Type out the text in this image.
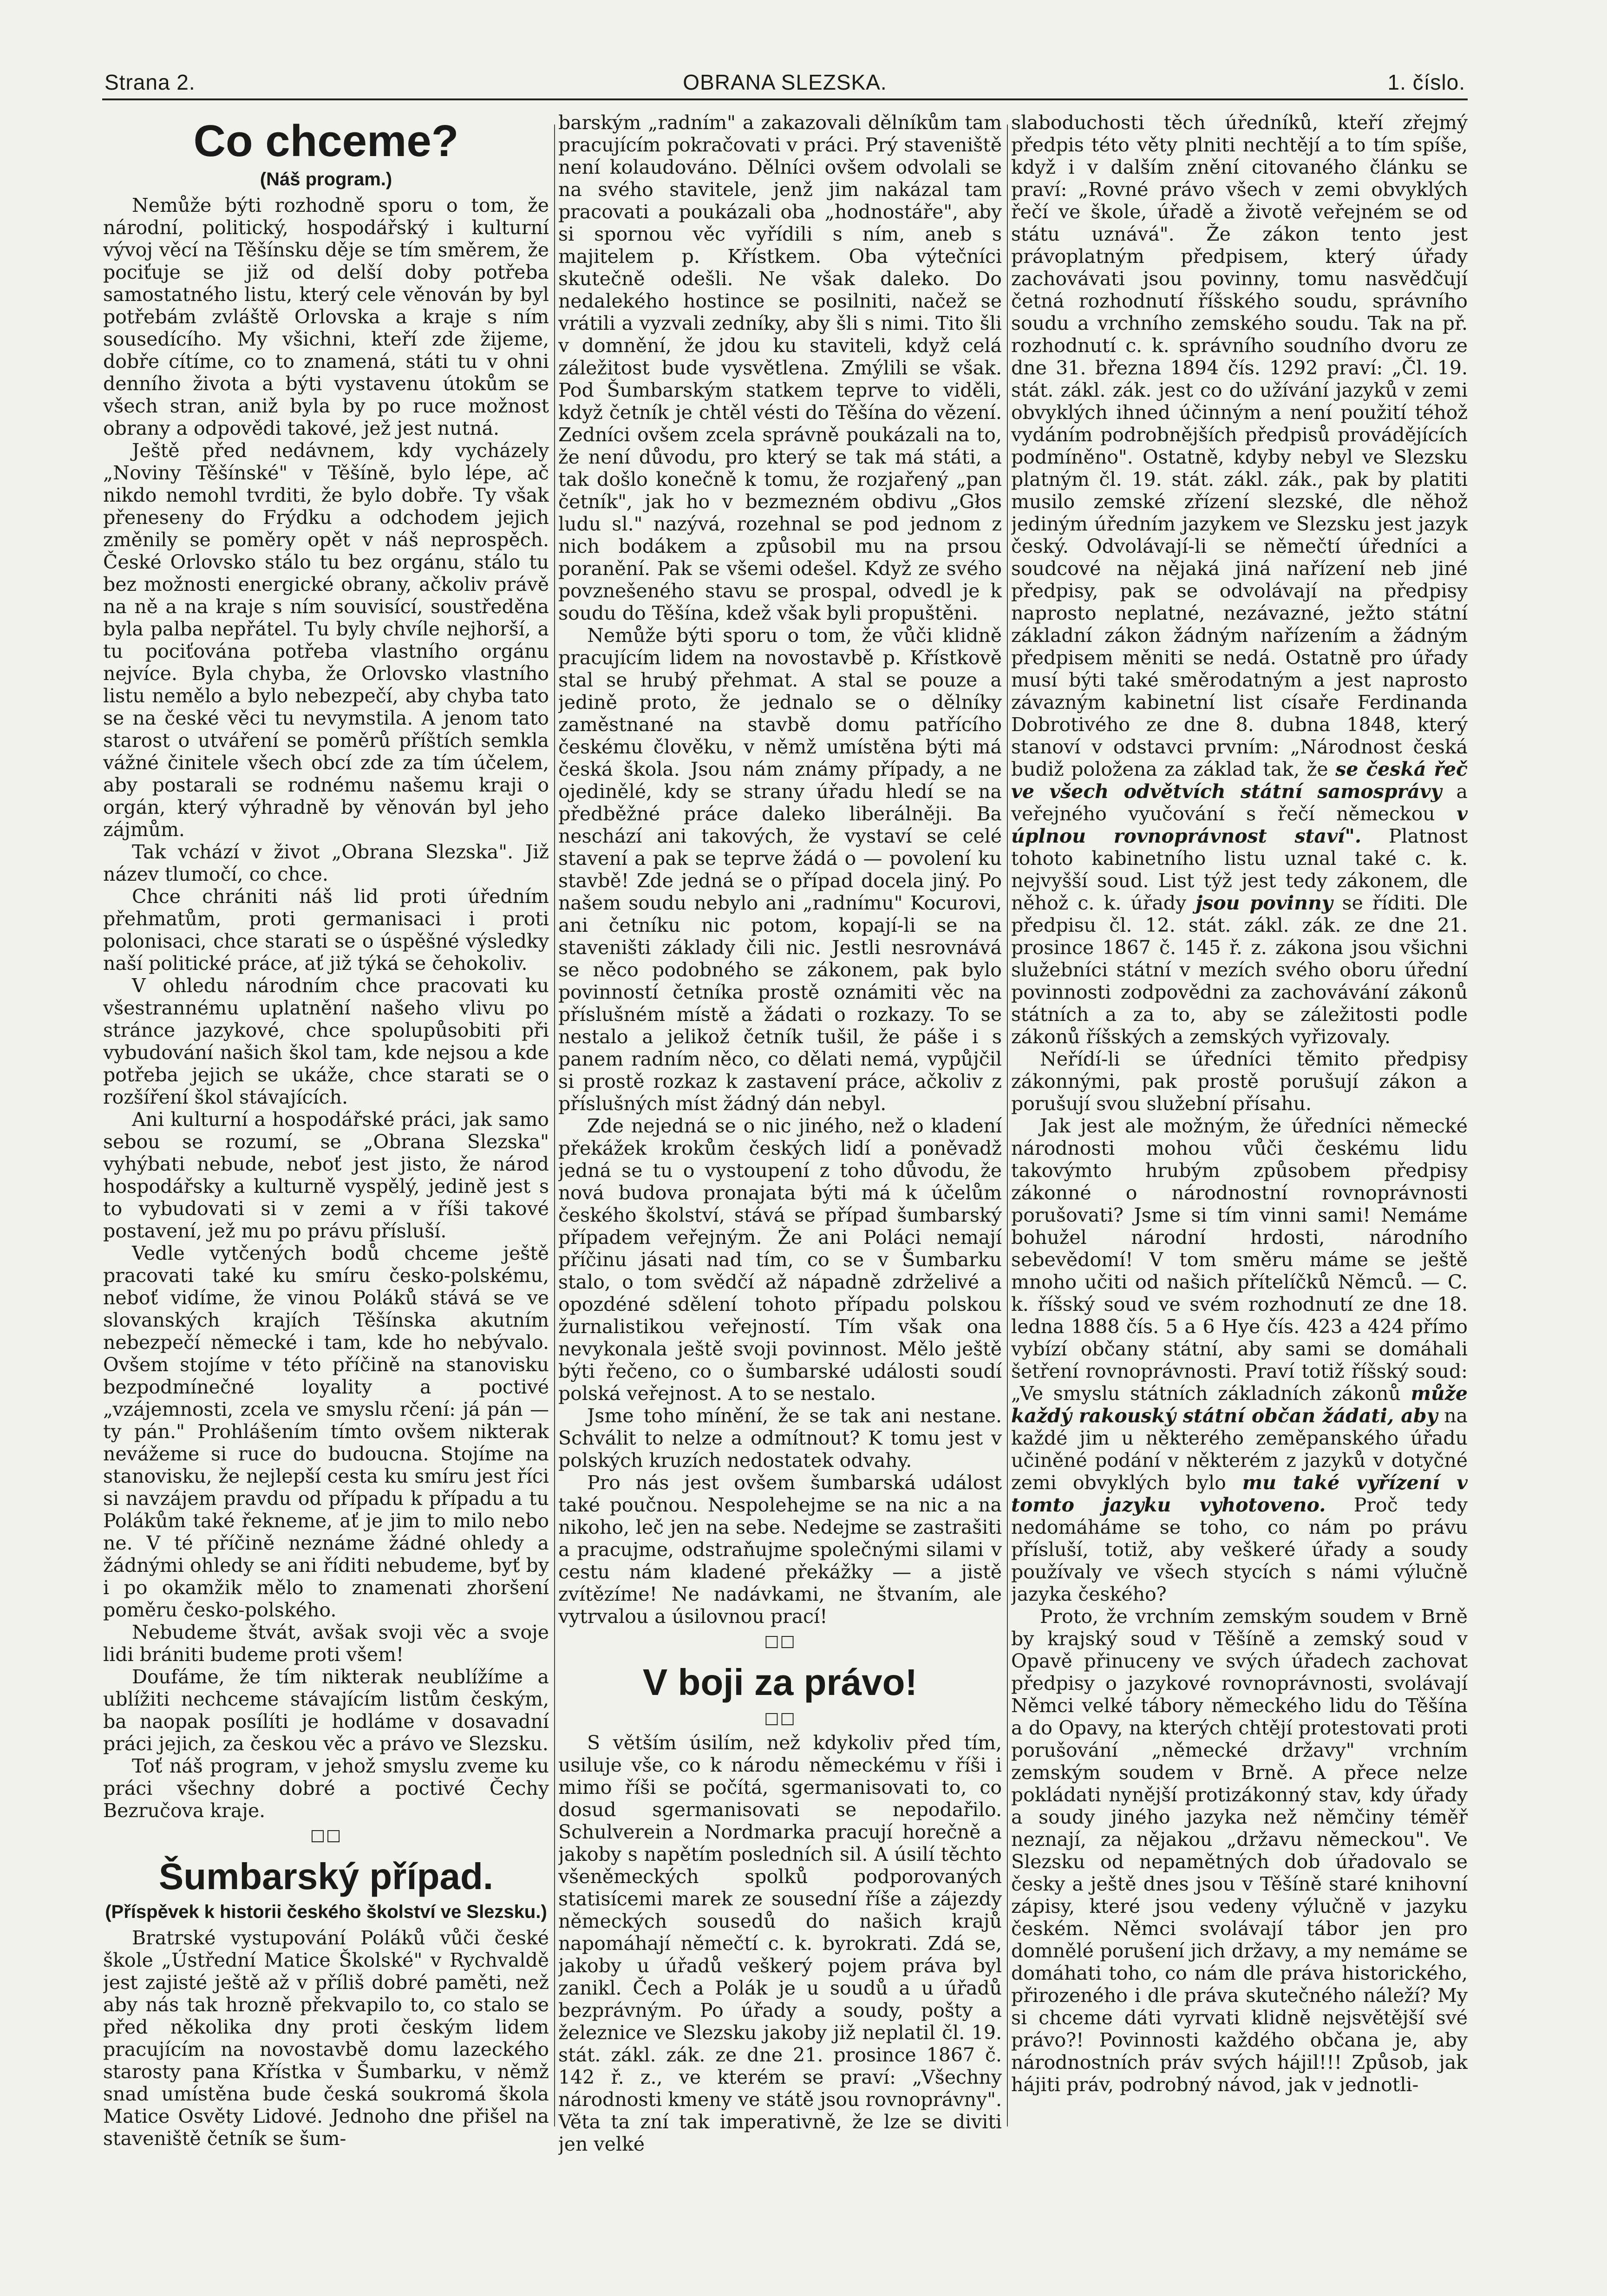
Strana 2.	OBRANA SLEZSKA.	1. číslo.
Co chceme?
(Náš program.)

Nemůže býti rozhodně sporu o tom, že národní, politický, hospodářský i kulturní vývoj věcí na Těšínsku děje se tím směrem, že pociťuje se již od delší doby potřeba samostatného listu, který cele věnován by byl potřebám zvláště Orlovska a kraje s ním sousedícího. My všichni, kteří zde žijeme, dobře cítíme, co to znamená, státi tu v ohni denního života a býti vystavenu útokům se všech stran, aniž byla by po ruce možnost obrany a odpovědi takové, jež jest nutná.

Ještě před nedávnem, kdy vycházely „Noviny Těšínské" v Těšíně, bylo lépe, ač nikdo nemohl tvrditi, že bylo dobře. Ty však přeneseny do Frýdku a odchodem jejich změnily se poměry opět v náš neprospěch. České Orlovsko stálo tu bez orgánu, stálo tu bez možnosti energické obrany, ačkoliv právě na ně a na kraje s ním souvisící, soustředěna byla palba nepřátel. Tu byly chvíle nejhorší, a tu pociťována potřeba vlastního orgánu nejvíce. Byla chyba, že Orlovsko vlastního listu nemělo a bylo nebezpečí, aby chyba tato se na české věci tu nevymstila. A jenom tato starost o utváření se poměrů příštích semkla vážné činitele všech obcí zde za tím účelem, aby postarali se rodnému našemu kraji o orgán, který výhradně by věnován byl jeho zájmům.

Tak vchází v život „Obrana Slezska". Již název tlumočí, co chce.

Chce chrániti náš lid proti úředním přehmatům, proti germanisaci i proti polonisaci, chce starati se o úspěšné výsledky naší politické práce, ať již týká se čehokoliv.

V ohledu národním chce pracovati ku všestrannému uplatnění našeho vlivu po stránce jazykové, chce spolupůsobiti při vybudování našich škol tam, kde nejsou a kde potřeba jejich se ukáže, chce starati se o rozšíření škol stávajících.

Ani kulturní a hospodářské práci, jak samo sebou se rozumí, se „Obrana Slezska" vyhýbati nebude, neboť jest jisto, že národ hospodářsky a kulturně vyspělý, jedině jest s to vybudovati si v zemi a v říši takové postavení, jež mu po právu přísluší.

Vedle vytčených bodů chceme ještě pracovati také ku smíru česko-polskému, neboť vidíme, že vinou Poláků stává se ve slovanských krajích Těšínska akutním nebezpečí německé i tam, kde ho nebývalo. Ovšem stojíme v této příčině na stanovisku bezpodmínečné loyality a poctivé „vzájemnosti, zcela ve smyslu rčení: já pán — ty pán." Prohlášením tímto ovšem nikterak nevážeme si ruce do budoucna. Stojíme na stanovisku, že nejlepší cesta ku smíru jest říci si navzájem pravdu od případu k případu a tu Polákům také řekneme, ať je jim to milo nebo ne. V té příčině neznáme žádné ohledy a žádnými ohledy se ani říditi nebudeme, byť by i po okamžik mělo to znamenati zhoršení poměru česko-polského.

Nebudeme štvát, avšak svoji věc a svoje lidi brániti budeme proti všem!

Doufáme, že tím nikterak neublížíme a ublížiti nechceme stávajícím listům českým, ba naopak posílíti je hodláme v dosavadní práci jejich, za českou věc a právo ve Slezsku.

Toť náš program, v jehož smyslu zveme ku práci všechny dobré a poctivé Čechy Bezručova kraje.

□□
Šumbarský případ.
(Příspěvek k historii českého školství ve Slezsku.)

Bratrské vystupování Poláků vůči české škole „Ústřední Matice Školské" v Rychvaldě jest zajisté ještě až v příliš dobré paměti, než aby nás tak hrozně překvapilo to, co stalo se před několika dny proti českým lidem pracujícím na novostavbě domu lazeckého starosty pana Křístka v Šumbarku, v němž snad umístěna bude česká soukromá škola Matice Osvěty Lidové. Jednoho dne přišel na staveniště četník se šum-

barským „radním" a zakazovali dělníkům tam pracujícím pokračovati v práci. Prý staveniště není kolaudováno. Dělníci ovšem odvolali se na svého stavitele, jenž jim nakázal tam pracovati a poukázali oba „hodnostáře", aby si spornou věc vyřídili s ním, aneb s majitelem p. Křístkem. Oba výtečníci skutečně odešli. Ne však daleko. Do nedalekého hostince se posilniti, načež se vrátili a vyzvali zedníky, aby šli s nimi. Tito šli v domnění, že jdou ku staviteli, když celá záležitost bude vysvětlena. Zmýlili se však. Pod Šumbarským statkem teprve to viděli, když četník je chtěl vésti do Těšína do vězení. Zedníci ovšem zcela správně poukázali na to, že není důvodu, pro který se tak má státi, a tak došlo konečně k tomu, že rozjařený „pan četník", jak ho v bezmezném obdivu „Głos ludu sl." nazývá, rozehnal se pod jednom z nich bodákem a způsobil mu na prsou poranění. Pak se všemi odešel. Když ze svého povznešeného stavu se prospal, odvedl je k soudu do Těšína, kdež však byli propuštěni.

Nemůže býti sporu o tom, že vůči klidně pracujícím lidem na novostavbě p. Křístkově stal se hrubý přehmat. A stal se pouze a jedině proto, že jednalo se o dělníky zaměstnané na stavbě domu patřícího českému člověku, v němž umístěna býti má česká škola. Jsou nám známy případy, a ne ojedinělé, kdy se strany úřadu hledí se na předběžné práce dalekо liberálněji. Ba neschází ani takových, že vystaví se celé stavení a pak se teprve žádá o — povolení ku stavbě! Zde jedná se o případ docela jiný. Po našem soudu nebylo ani „radnímu" Kocurovi, ani četníku nic potom, kopají-li se na staveništi základy čili nic. Jestli nesrovnává se něco podobného se zákonem, pak bylo povinností četníka prostě oznámiti věc na příslušném místě a žádati o rozkazy. To se nestalo a jelikož četník tušil, že páše i s panem radním něco, co dělati nemá, vypůjčil si prostě rozkaz k zastavení práce, ačkoliv z příslušných míst žádný dán nebyl.

Zde nejedná se o nic jiného, než o kladení překážek krokům českých lidí a poněvadž jedná se tu o vystoupení z toho důvodu, že nová budova pronajata býti má k účelům českého školství, stává se případ šumbarský případem veřejným. Že ani Poláci nemají příčinu jásati nad tím, co se v Šumbarku stalo, o tom svědčí až nápadně zdrželivé a opozdéné sdělení tohoto případu polskou žurnalistikou veřejností. Tím však ona nevykonala ještě svoji povinnost. Mělo ještě býti řečeno, co o šumbarské události soudí polská veřejnost. A to se nestalo.

Jsme toho mínění, že se tak ani nestane. Schválit to nelze a odmítnout? K tomu jest v polských kruzích nedostatek odvahy.

Pro nás jest ovšem šumbarská událost také poučnou. Nespolehejme se na nic a na nikoho, leč jen na sebe. Nedejme se zastrašiti a pracujme, odstraňujme společnými silami v cestu nám kladené překážky — a jistě zvítězíme! Ne nadávkami, ne štvaním, ale vytrvalou a úsilovnou prací!

□□
V boji za právo!
□□

S větším úsilím, než kdykoliv před tím, usiluje vše, co k národu německému v říši i mimo říši se počítá, sgermanisovati to, co dosud sgermanisovati se nepodařilo. Schulverein a Nordmarka pracují horečně a jakoby s napětím posledních sil. A úsilí těchto všeněmeckých spolků podporovaných statisícemi marek ze sousední říše a zájezdy německých sousedů do našich krajů napomáhají němečtí c. k. byrokrati. Zdá se, jakoby u úřadů veškerý pojem práva byl zanikl. Čech a Polák je u soudů a u úřadů bezprávným. Po úřady a soudy, pošty a železnice ve Slezsku jakoby již neplatil čl. 19. stát. zákl. zák. ze dne 21. prosince 1867 č. 142 ř. z., ve kterém se praví: „Všechny národnosti kmeny ve státě jsou rovnoprávny". Věta ta zní tak imperativně, že lze se diviti jen velké

slaboduchosti těch úředníků, kteří zřejmý předpis této věty plniti nechtějí a to tím spíše, když i v dalším znění citovaného článku se praví: „Rovné právo všech v zemi obvyklých řečí ve škole, úřadě a životě veřejném se od státu uznává". Že zákon tento jest právoplatným předpisem, který úřady zachovávati jsou povinny, tomu nasvědčují četná rozhodnutí říšského soudu, správního soudu a vrchního zemského soudu. Tak na př. rozhodnutí c. k. správního soudního dvoru ze dne 31. března 1894 čís. 1292 praví: „Čl. 19. stát. zákl. zák. jest co do užívání jazyků v zemi obvyklých ihned účinným a není použití téhož vydáním podrobnějších předpisů provádějících podmíněno". Ostatně, kdyby nebyl ve Slezsku platným čl. 19. stát. zákl. zák., pak by platiti musilo zemské zřízení slezské, dle něhož jediným úředním jazykem ve Slezsku jest jazyk český. Odvolávají-li se němečtí úředníci a soudcové na nějaká jiná nařízení neb jiné předpisy, pak se odvolávají na předpisy naprosto neplatné, nezávazné, ježto státní základní zákon žádným nařízením a žádným předpisem měniti se nedá. Ostatně pro úřady musí býti také směrodatným a jest naprosto závazným kabinetní list císaře Ferdinanda Dobrotivého ze dne 8. dubna 1848, který stanoví v odstavci prvním: „Národnost česká budiž položena za základ tak, že se česká řeč ve všech odvětvích státní samosprávy a veřejného vyučování s řečí německou v úplnou rovnoprávnost staví". Platnost tohoto kabinetního listu uznal také c. k. nejvyšší soud. List týž jest tedy zákonem, dle něhož c. k. úřady jsou povinny se říditi. Dle předpisu čl. 12. stát. zákl. zák. ze dne 21. prosince 1867 č. 145 ř. z. zákona jsou všichni služebníci státní v mezích svého oboru úřední povinnosti zodpovědni za zachovávání zákonů státních a za to, aby se záležitosti podle zákonů říšských a zemských vyřizovaly.

Neřídí-li se úředníci těmito předpisy zákonnými, pak prostě porušují zákon a porušují svou služební přísahu.

Jak jest ale možným, že úředníci německé národnosti mohou vůči českému lidu takovýmto hrubým způsobem předpisy zákonné o národnostní rovnoprávnosti porušovati? Jsme si tím vinni sami! Nemáme bohužel národní hrdosti, národního sebevědomí! V tom směru máme se ještě mnoho učiti od našich přítelíčků Němců. — C. k. říšský soud ve svém rozhodnutí ze dne 18. ledna 1888 čís. 5 a 6 Hye čís. 423 a 424 přímo vybízí občany státní, aby sami se domáhali šetření rovnoprávnosti. Praví totiž říšský soud: „Ve smyslu státních základních zákonů může každý rakouský státní občan žádati, aby na každé jim u některého zeměpanského úřadu učiněné podání v některém z jazyků v dotyčné zemi obvyklých bylo mu také vyřízení v tomto jazyku vyhotoveno. Proč tedy nedomáháme se toho, co nám po právu přísluší, totiž, aby veškeré úřady a soudy používaly ve všech stycích s námi výlučně jazyka českého?

Proto, že vrchním zemským soudem v Brně by krajský soud v Těšíně a zemský soud v Opavě přinuceny ve svých úřadech zachovat předpisy o jazykové rovnoprávnosti, svolávají Němci velké tábory německého lidu do Těšína a do Opavy, na kterých chtějí protestovati proti porušování „německé državy" vrchním zemským soudem v Brně. A přece nelze pokládati nynější protizákonný stav, kdy úřady a soudy jiného jazyka než němčiny téměř neznají, za nějakou „državu německou". Ve Slezsku od nepamětných dob úřadovalo se česky a ještě dnes jsou v Těšíně staré knihovní zápisy, které jsou vedeny výlučně v jazyku českém. Němci svolávají tábor jen pro domnělé porušení jich državy, a my nemáme se domáhati toho, co nám dle práva historického, přirozeného i dle práva skutečného náleží? My si chceme dáti vyrvati klidně nejsvětější své právo?! Povinnosti každého občana je, aby národnostních práv svých hájil!!! Způsob, jak hájiti práv, podrobný návod, jak v jednotli-
